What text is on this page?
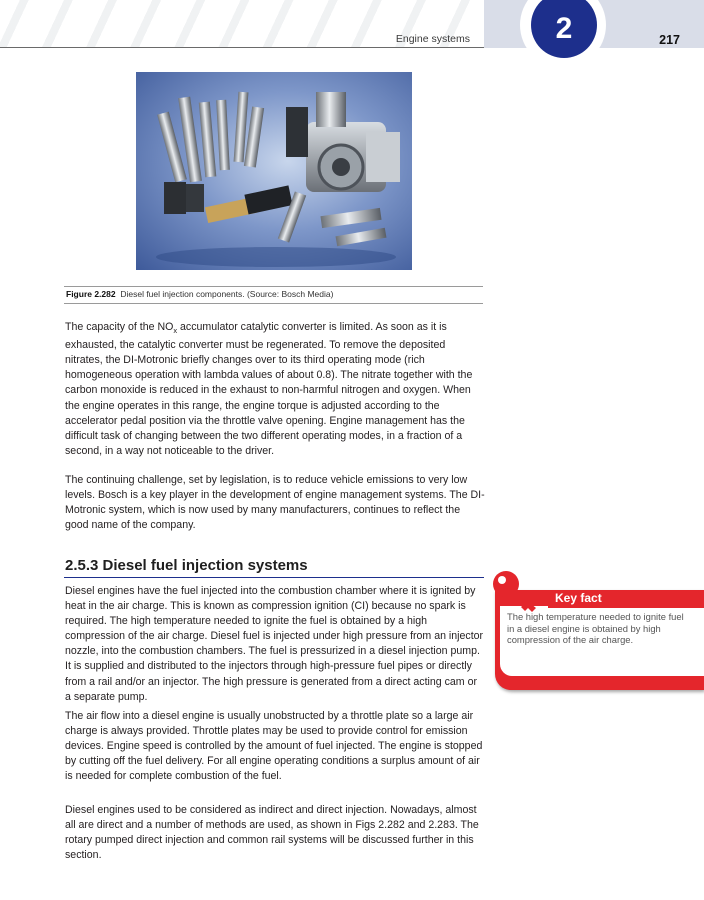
Engine systems	2	217
Figure 2.282 Diesel fuel injection components. (Source: Bosch Media)

The capacity of the $NO_x$ accumulator catalytic converter is limited. As soon as it is exhausted, the catalytic converter must be regenerated. To remove the deposited nitrates, the DI-Motronic briefly changes over to its third operating mode (rich homogeneous operation with lambda values of about 0.8). The nitrate together with the carbon monoxide is reduced in the exhaust to non-harmful nitrogen and oxygen. When the engine operates in this range, the engine torque is adjusted according to the accelerator pedal position via the throttle valve opening. Engine management has the difficult task of changing between the two different operating modes, in a fraction of a second, in a way not noticeable to the driver.

The continuing challenge, set by legislation, is to reduce vehicle emissions to very low levels. Bosch is a key player in the development of engine management systems. The DI-Motronic system, which is now used by many manufacturers, continues to reflect the good name of the company.

2.5.3 Diesel fuel injection systems

Diesel engines have the fuel injected into the combustion chamber where it is ignited by heat in the air charge. This is known as compression ignition (CI) because no spark is required. The high temperature needed to ignite the fuel is obtained by a high compression of the air charge. Diesel fuel is injected under high pressure from an injector nozzle, into the combustion chambers. The fuel is pressurized in a diesel injection pump. It is supplied and distributed to the injectors through high-pressure fuel pipes or directly from a rail and/or an injector. The high pressure is generated from a direct acting cam or a separate pump.

The air flow into a diesel engine is usually unobstructed by a throttle plate so a large air charge is always provided. Throttle plates may be used to provide control for emission devices. Engine speed is controlled by the amount of fuel injected. The engine is stopped by cutting off the fuel delivery. For all engine operating conditions a surplus amount of air is needed for complete combustion of the fuel.

Diesel engines used to be considered as indirect and direct injection. Nowadays, almost all are direct and a number of methods are used, as shown in Figs 2.282 and 2.283. The rotary pumped direct injection and common rail systems will be discussed further in this section.

Key fact

The high temperature needed to ignite fuel in a diesel engine is obtained by high compression of the air charge.
